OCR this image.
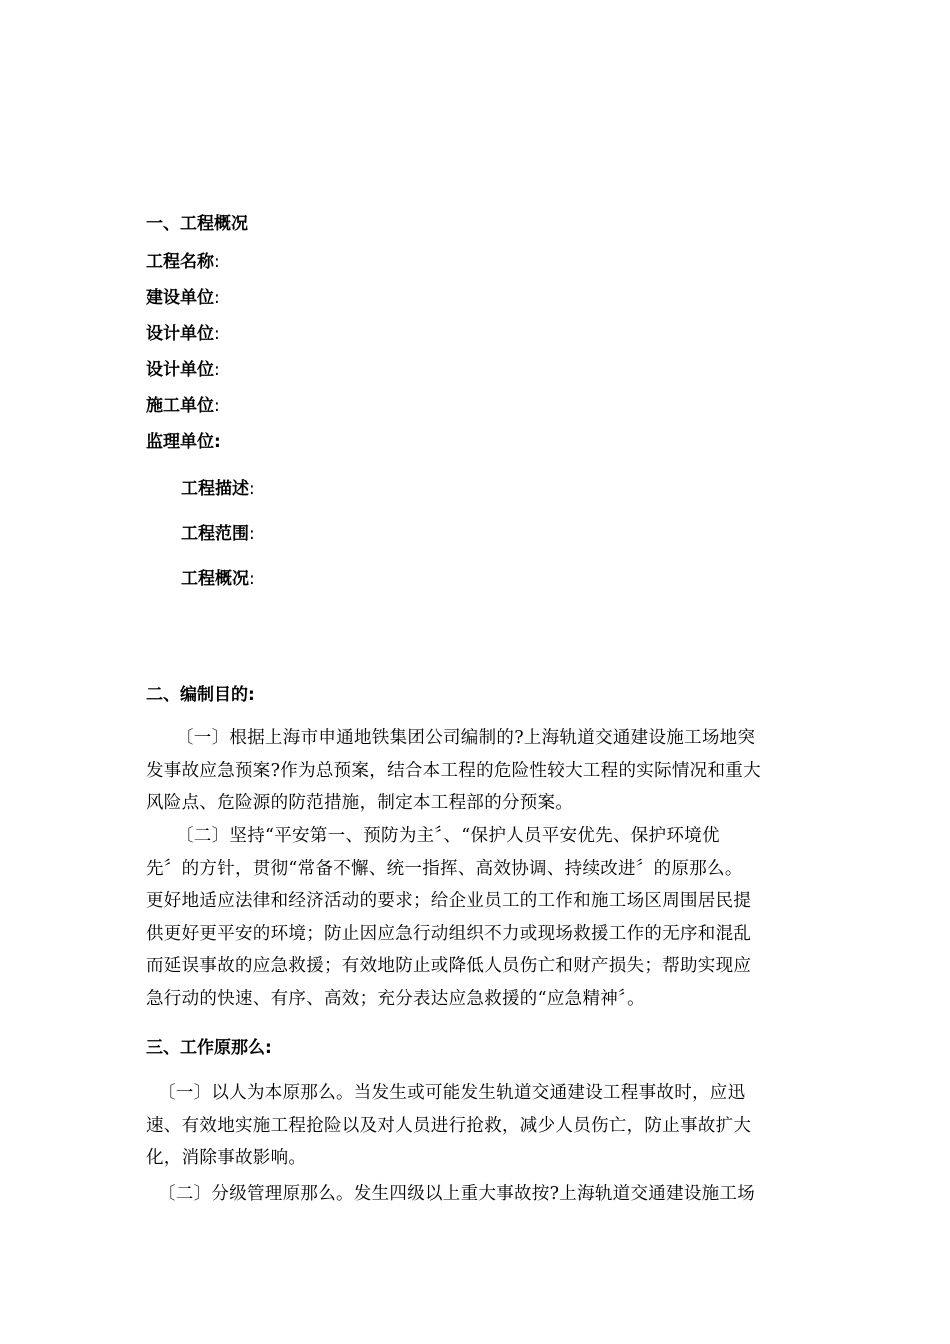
一、工程概况
工程名称:
建设单位:
设计单位:
设计单位:
施工单位:
监理单位:
工程描述:
工程范围:
工程概况:
二、编制目的:
〔一〕根据上海市申通地铁集团公司编制的?上海轨道交通建设施工场地突
发事故应急预案?作为总预案，结合本工程的危险性较大工程的实际情况和重大
风险点、危险源的防范措施，制定本工程部的分预案。
〔二〕坚持“平安第一、预防为主〞、“保护人员平安优先、保护环境优
先〞的方针，贯彻“常备不懈、统一指挥、高效协调、持续改进〞的原那么。
更好地适应法律和经济活动的要求；给企业员工的工作和施工场区周围居民提
供更好更平安的环境；防止因应急行动组织不力或现场救援工作的无序和混乱
而延误事故的应急救援；有效地防止或降低人员伤亡和财产损失；帮助实现应
急行动的快速、有序、高效；充分表达应急救援的“应急精神〞。
三、工作原那么:
〔一〕以人为本原那么。当发生或可能发生轨道交通建设工程事故时，应迅
速、有效地实施工程抢险以及对人员进行抢救，减少人员伤亡，防止事故扩大
化，消除事故影响。
〔二〕分级管理原那么。发生四级以上重大事故按?上海轨道交通建设施工场
